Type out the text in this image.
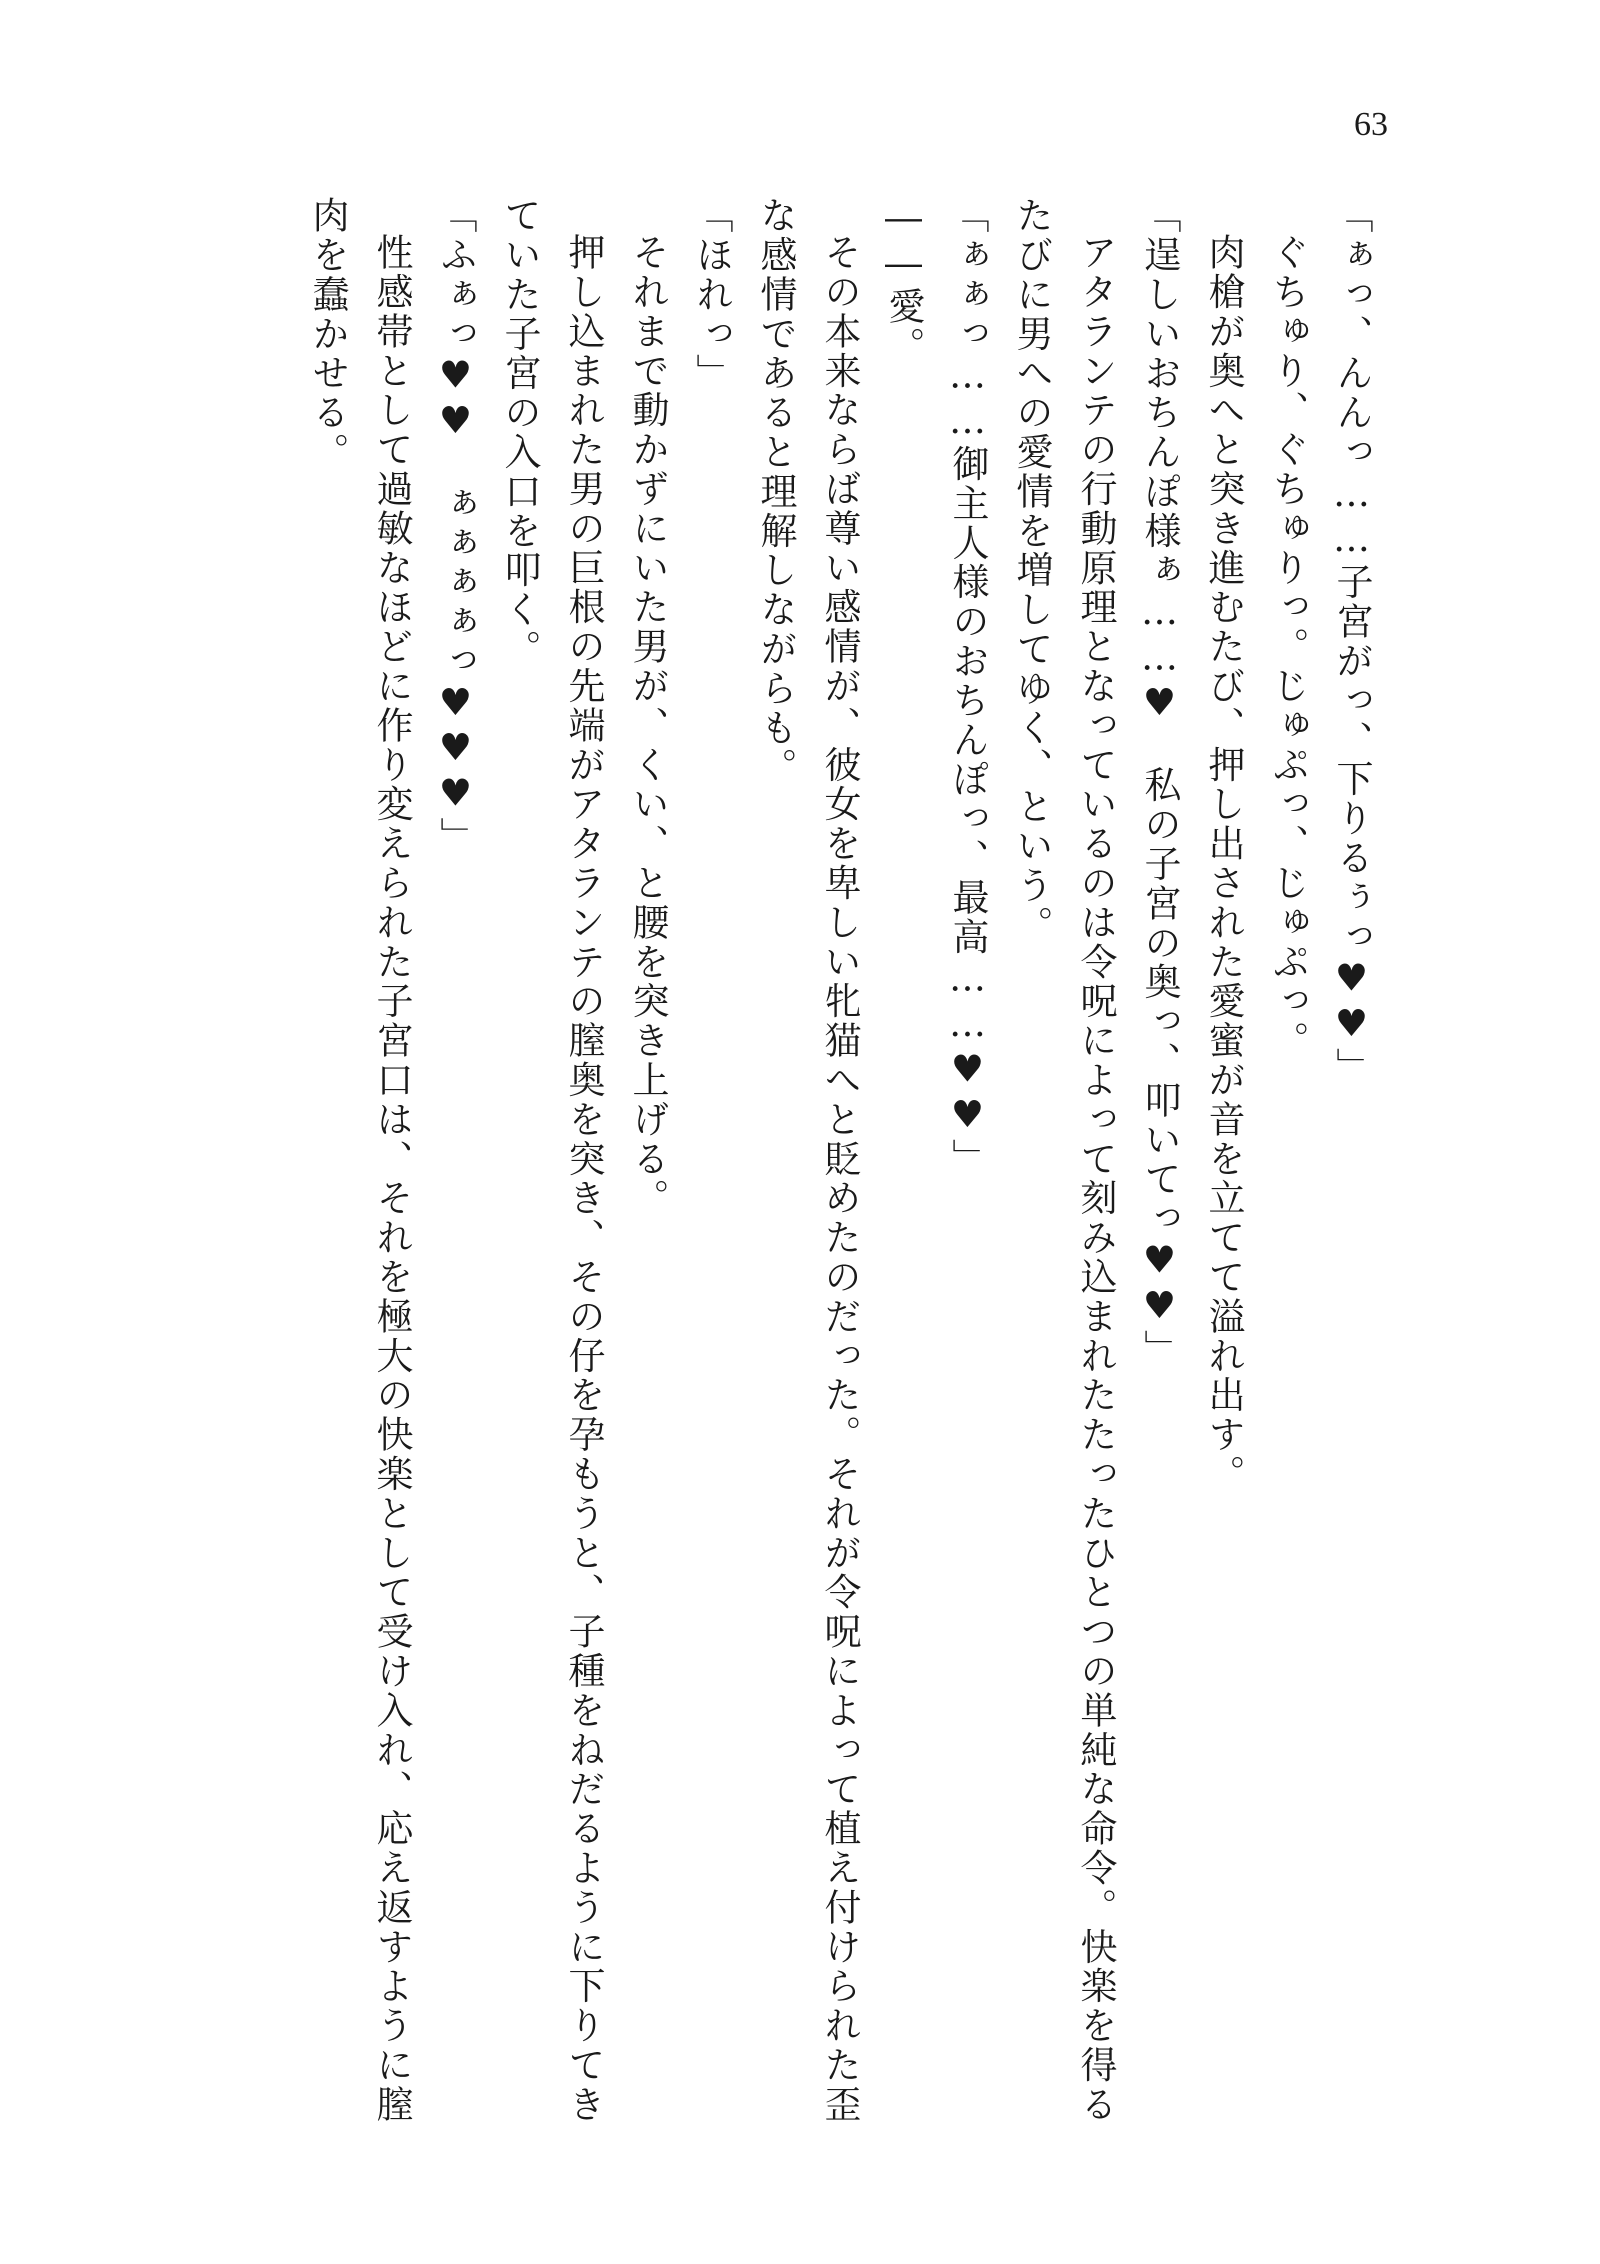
63
「ぁっ、んんっ……子宮がっ、下りるぅっ♥♥」
ぐちゅり、ぐちゅりっ。じゅぷっ、じゅぷっ。
肉槍が奥へと突き進むたび、押し出された愛蜜が音を立てて溢れ出す。
「逞しいおちんぽ様ぁ……♥　私の子宮の奥っ、叩いてっ♥♥」
アタランテの行動原理となっているのは令呪によって刻み込まれたたったひとつの単純な命令。快楽を得る
たびに男への愛情を増してゆく、という。
「ぁぁっ……御主人様のおちんぽっ、最高……♥♥」
――愛。
その本来ならば尊い感情が、彼女を卑しい牝猫へと貶めたのだった。それが令呪によって植え付けられた歪
な感情であると理解しながらも。
「ほれっ」
それまで動かずにいた男が、くい、と腰を突き上げる。
押し込まれた男の巨根の先端がアタランテの膣奥を突き、その仔を孕もうと、子種をねだるように下りてき
ていた子宮の入口を叩く。
「ふぁっ♥♥　ぁぁぁぁっ♥♥♥」
性感帯として過敏なほどに作り変えられた子宮口は、それを極大の快楽として受け入れ、応え返すように膣
肉を蠢かせる。
